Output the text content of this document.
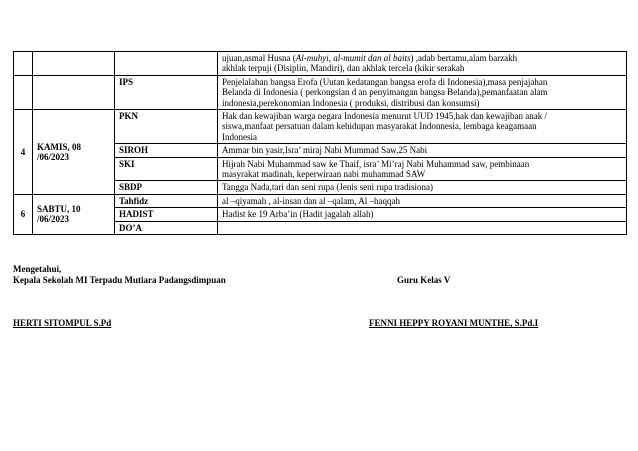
			ujuan,asmal Husna (Al-muhyi, al-mumit dan al baits) ,adab bertamu,alam barzakh
akhlak terpuji (Disiplin, Mandiri), dan akhlak tercela (kikir serakah

		IPS	Penjelalahan bangsa Erofa (Uutan kedatangan bangsa erofa di Indonesia),masa penjajahan
Belanda di Indonesia ( perkongsian d an penyimangan bangsa Belanda),pemanfaatan alam
indonesia,perekonomian Indonesia ( produksi, distribusi dan konsumsi)

4	KAMIS, 08 /06/2023	PKN	Hak dan kewajiban warga negara Indonesia menurut UUD 1945,hak dan kewajiban anak /
siswa,manfaat persatuan dalam kehidupan masyarakat Indonnesia, lembaga keagamaan
Indonesia

		SIROH	Ammar bin yasir,Isra’ miraj Nabi Mummad Saw,25 Nabi

		SKI	Hijrah Nabi Muhammad saw ke Thaif, isra’ Mi’raj Nabi Muhammad saw, pembinaan
masyrakat madinah, keperwiraan nabi muhammad SAW

		SBDP	Tangga Nada,tari dan seni rupa (Jenis seni rupa tradisiona)

6	SABTU, 10 /06/2023	Tahfidz	al –qiyamah , al-insan dan al –qalam, Al –haqqah

		HADIST	Hadist ke 19 Arba’in (Hadit jagalah allah)

		DO’A	

Mengetahui,
Kepala Sekolah MI Terpadu Mutiara Padangsdimpuan	Guru Kelas V
HERTI SITOMPUL S.Pd	FENNI HEPPY ROYANI MUNTHE, S.Pd.I
